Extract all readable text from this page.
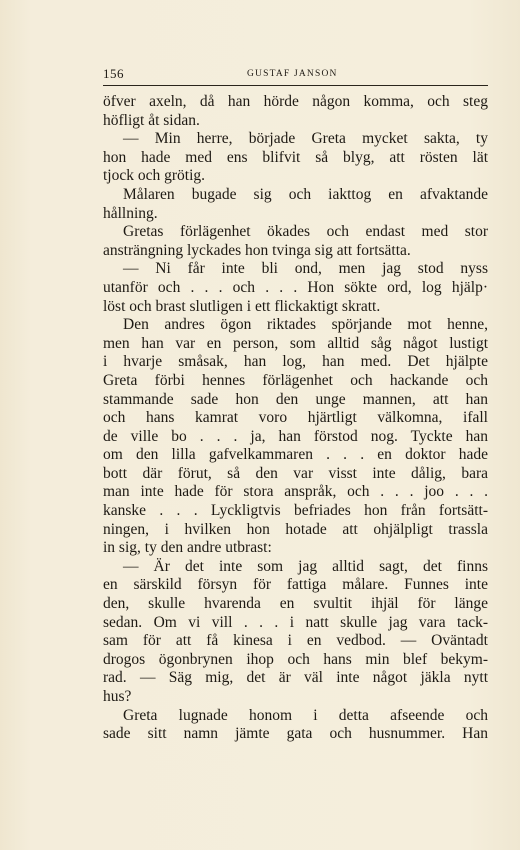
156	GUSTAF JANSON
öfver axeln, då han hörde någon komma, och steg
höfligt åt sidan.
— Min herre, började Greta mycket sakta, ty
hon hade med ens blifvit så blyg, att rösten lät
tjock och grötig.
Målaren bugade sig och iakttog en afvaktande
hållning.
Gretas förlägenhet ökades och endast med stor
ansträngning lyckades hon tvinga sig att fortsätta.
— Ni får inte bli ond, men jag stod nyss
utanför och . . . och . . . Hon sökte ord, log hjälp·
löst och brast slutligen i ett flickaktigt skratt.
Den andres ögon riktades spörjande mot henne,
men han var en person, som alltid såg något lustigt
i hvarje småsak, han log, han med. Det hjälpte
Greta förbi hennes förlägenhet och hackande och
stammande sade hon den unge mannen, att han
och hans kamrat voro hjärtligt välkomna, ifall
de ville bo . . . ja, han förstod nog. Tyckte han
om den lilla gafvelkammaren . . . en doktor hade
bott där förut, så den var visst inte dålig, bara
man inte hade för stora anspråk, och . . . joo . . .
kanske . . . Lyckligtvis befriades hon från fortsätt-
ningen, i hvilken hon hotade att ohjälpligt trassla
in sig, ty den andre utbrast:
— Är det inte som jag alltid sagt, det finns
en särskild försyn för fattiga målare. Funnes inte
den, skulle hvarenda en svultit ihjäl för länge
sedan. Om vi vill . . . i natt skulle jag vara tack-
sam för att få kinesa i en vedbod. — Oväntadt
drogos ögonbrynen ihop och hans min blef bekym-
rad. — Säg mig, det är väl inte något jäkla nytt
hus?
Greta lugnade honom i detta afseende och
sade sitt namn jämte gata och husnummer. Han
